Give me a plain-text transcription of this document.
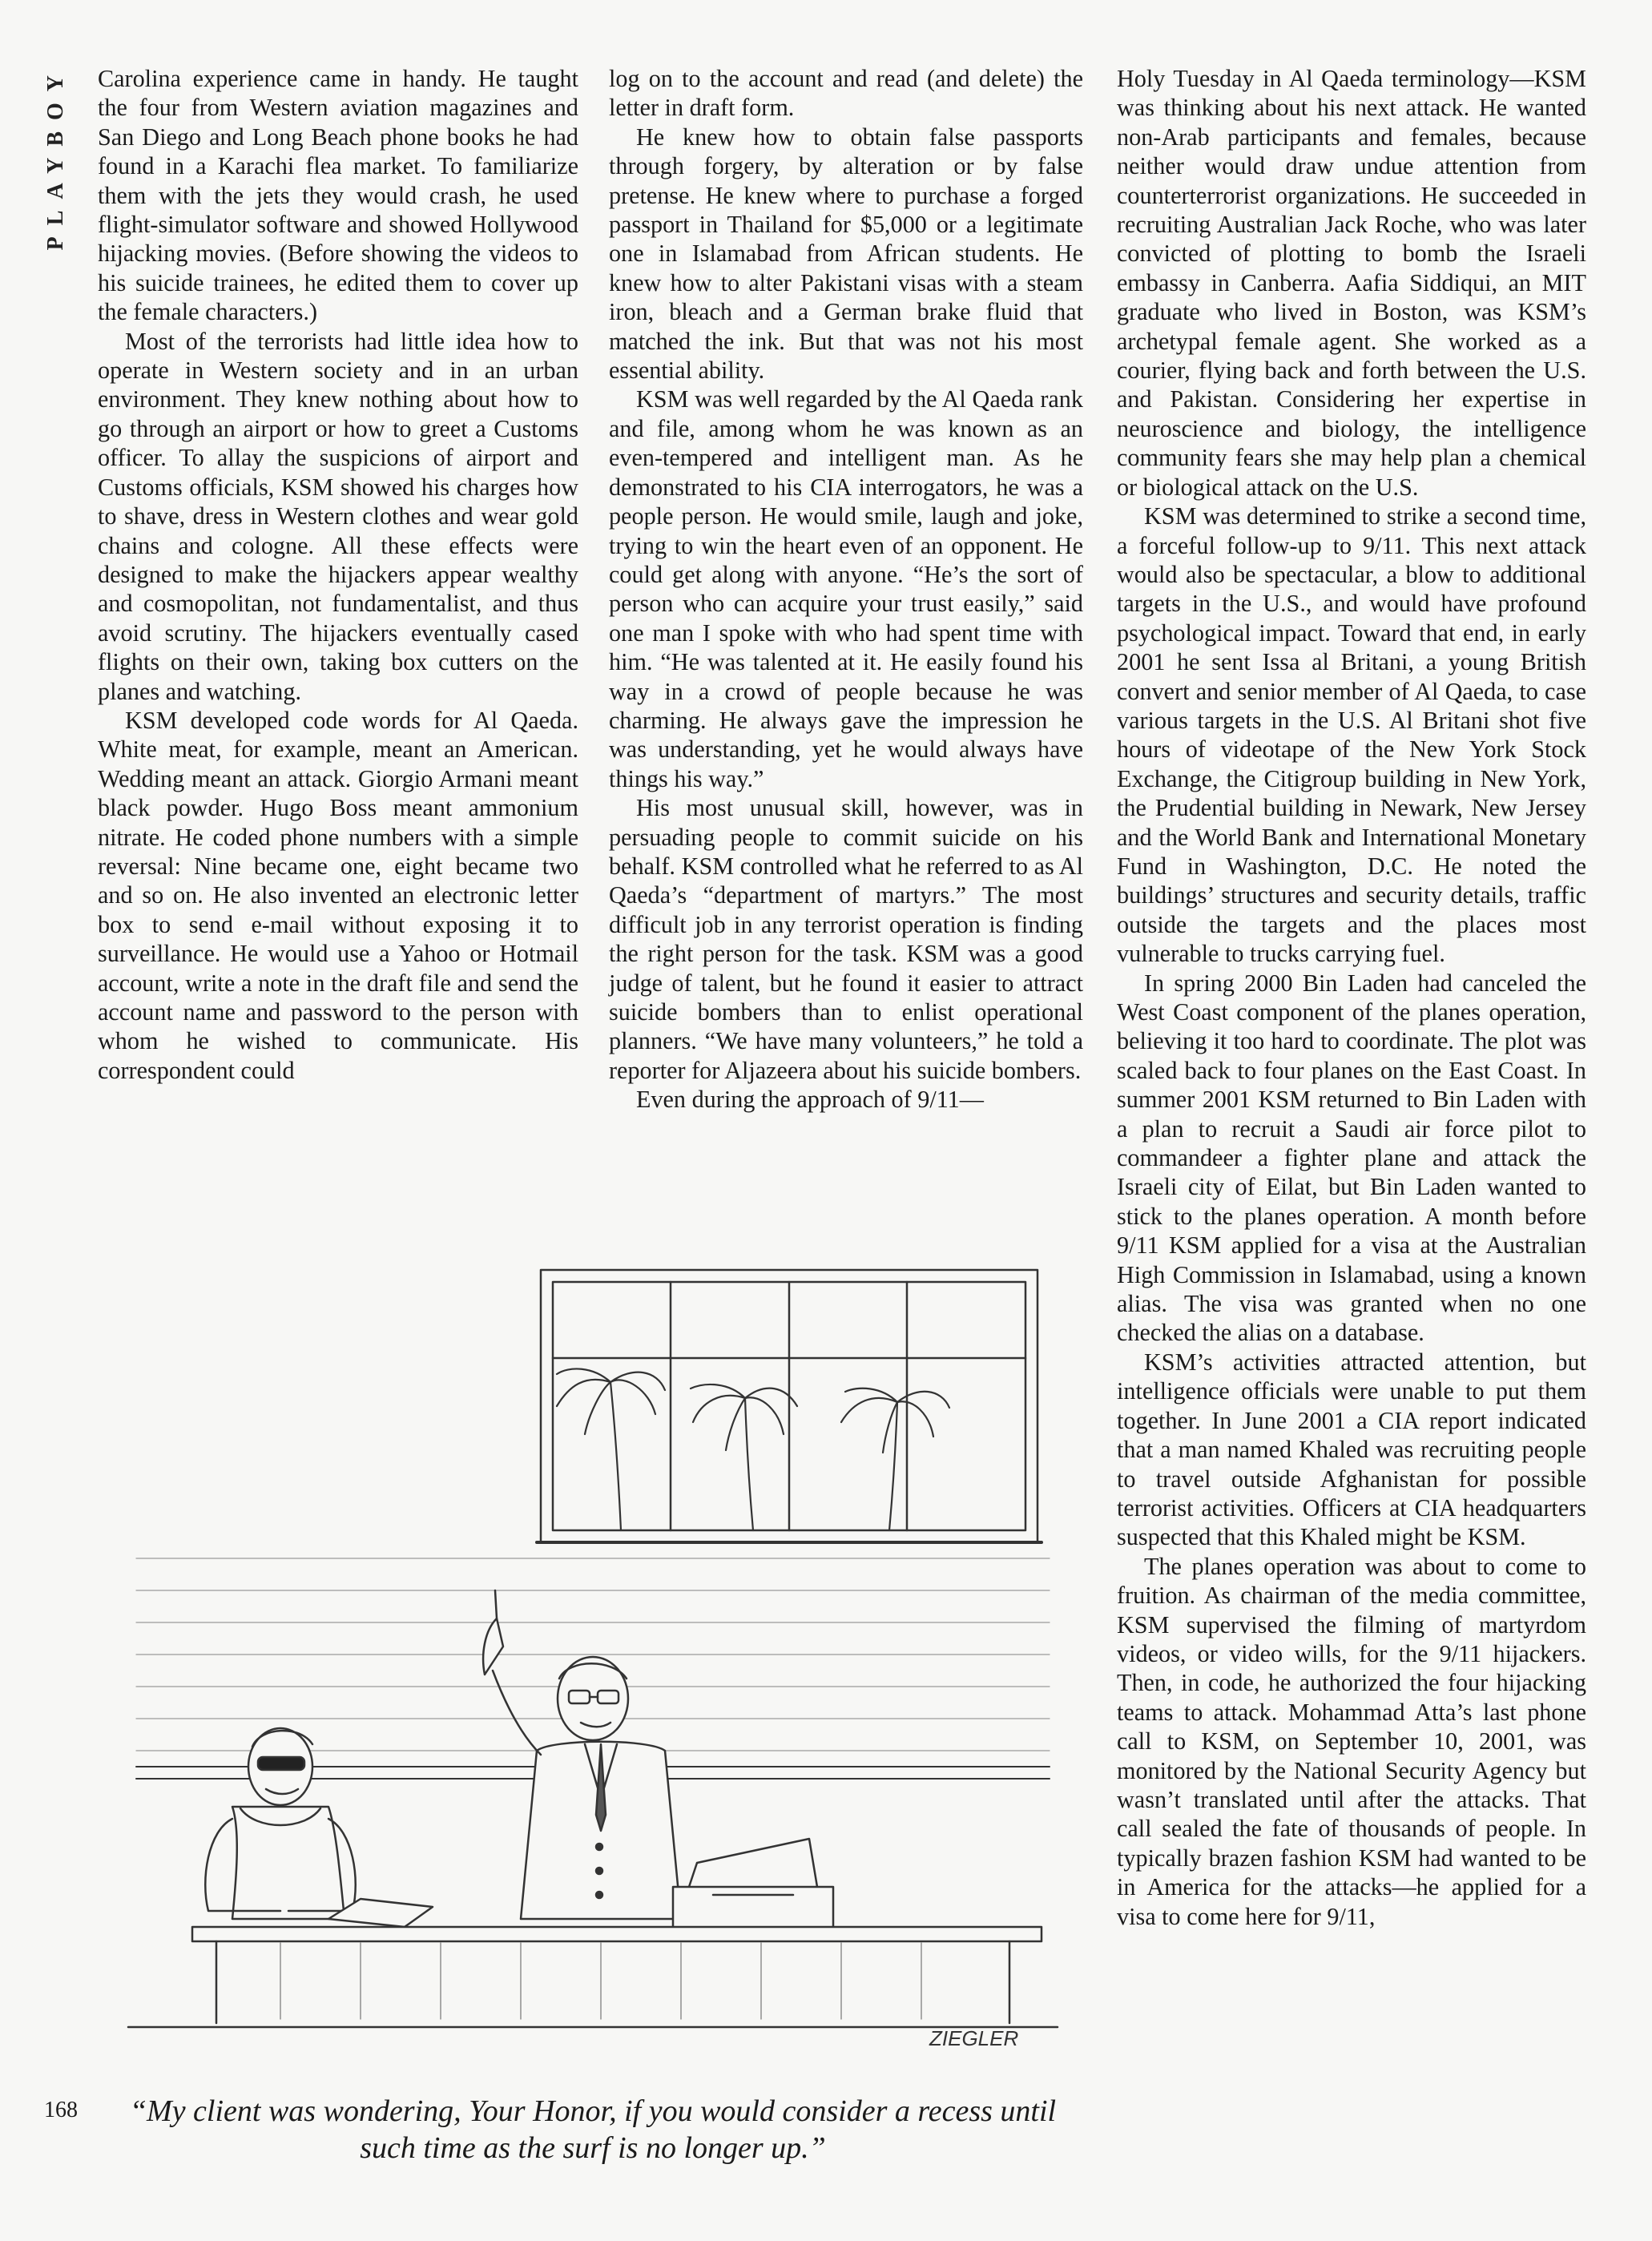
PLAYBOY Carolina experience came in handy. He taught the four from Western aviation magazines and San Diego and Long Beach phone books he had found in a Karachi flea market. To familiarize them with the jets they would crash, he used flight-simulator software and showed Hollywood hijacking movies. (Before showing the videos to his suicide trainees, he edited them to cover up the female characters.)

Most of the terrorists had little idea how to operate in Western society and in an urban environment. They knew nothing about how to go through an airport or how to greet a Customs officer. To allay the suspicions of airport and Customs officials, KSM showed his charges how to shave, dress in Western clothes and wear gold chains and cologne. All these effects were designed to make the hijackers appear wealthy and cosmopolitan, not fundamentalist, and thus avoid scrutiny. The hijackers eventually cased flights on their own, taking box cutters on the planes and watching.

KSM developed code words for Al Qaeda. White meat, for example, meant an American. Wedding meant an attack. Giorgio Armani meant black powder. Hugo Boss meant ammonium nitrate. He coded phone numbers with a simple reversal: Nine became one, eight became two and so on. He also invented an electronic letter box to send e-mail without exposing it to surveillance. He would use a Yahoo or Hotmail account, write a note in the draft file and send the account name and password to the person with whom he wished to communicate. His correspondent could

log on to the account and read (and delete) the letter in draft form.

He knew how to obtain false passports through forgery, by alteration or by false pretense. He knew where to purchase a forged passport in Thailand for $5,000 or a legitimate one in Islamabad from African students. He knew how to alter Pakistani visas with a steam iron, bleach and a German brake fluid that matched the ink. But that was not his most essential ability.

KSM was well regarded by the Al Qaeda rank and file, among whom he was known as an even-tempered and intelligent man. As he demonstrated to his CIA interrogators, he was a people person. He would smile, laugh and joke, trying to win the heart even of an opponent. He could get along with anyone. “He’s the sort of person who can acquire your trust easily,” said one man I spoke with who had spent time with him. “He was talented at it. He easily found his way in a crowd of people because he was charming. He always gave the impression he was understanding, yet he would always have things his way.”

His most unusual skill, however, was in persuading people to commit suicide on his behalf. KSM controlled what he referred to as Al Qaeda’s “department of martyrs.” The most difficult job in any terrorist operation is finding the right person for the task. KSM was a good judge of talent, but he found it easier to attract suicide bombers than to enlist operational planners. “We have many volunteers,” he told a reporter for Aljazeera about his suicide bombers.

Even during the approach of 9/11—

Holy Tuesday in Al Qaeda terminology—KSM was thinking about his next attack. He wanted non-Arab participants and females, because neither would draw undue attention from counterterrorist organizations. He succeeded in recruiting Australian Jack Roche, who was later convicted of plotting to bomb the Israeli embassy in Canberra. Aafia Siddiqui, an MIT graduate who lived in Boston, was KSM’s archetypal female agent. She worked as a courier, flying back and forth between the U.S. and Pakistan. Considering her expertise in neuroscience and biology, the intelligence community fears she may help plan a chemical or biological attack on the U.S.

KSM was determined to strike a second time, a forceful follow-up to 9/11. This next attack would also be spectacular, a blow to additional targets in the U.S., and would have profound psychological impact. Toward that end, in early 2001 he sent Issa al Britani, a young British convert and senior member of Al Qaeda, to case various targets in the U.S. Al Britani shot five hours of videotape of the New York Stock Exchange, the Citigroup building in New York, the Prudential building in Newark, New Jersey and the World Bank and International Monetary Fund in Washington, D.C. He noted the buildings’ structures and security details, traffic outside the targets and the places most vulnerable to trucks carrying fuel.

In spring 2000 Bin Laden had canceled the West Coast component of the planes operation, believing it too hard to coordinate. The plot was scaled back to four planes on the East Coast. In summer 2001 KSM returned to Bin Laden with a plan to recruit a Saudi air force pilot to commandeer a fighter plane and attack the Israeli city of Eilat, but Bin Laden wanted to stick to the planes operation. A month before 9/11 KSM applied for a visa at the Australian High Commission in Islamabad, using a known alias. The visa was granted when no one checked the alias on a database.

KSM’s activities attracted attention, but intelligence officials were unable to put them together. In June 2001 a CIA report indicated that a man named Khaled was recruiting people to travel outside Afghanistan for possible terrorist activities. Officers at CIA headquarters suspected that this Khaled might be KSM.

The planes operation was about to come to fruition. As chairman of the media committee, KSM supervised the filming of martyrdom videos, or video wills, for the 9/11 hijackers. Then, in code, he authorized the four hijacking teams to attack. Mohammad Atta’s last phone call to KSM, on September 10, 2001, was monitored by the National Security Agency but wasn’t translated until after the attacks. That call sealed the fate of thousands of people. In typically brazen fashion KSM had wanted to be in America for the attacks—he applied for a visa to come here for 9/11,

ZIEGLER
“My client was wondering, Your Honor, if you would consider a recess until such time as the surf is no longer up.”
168
